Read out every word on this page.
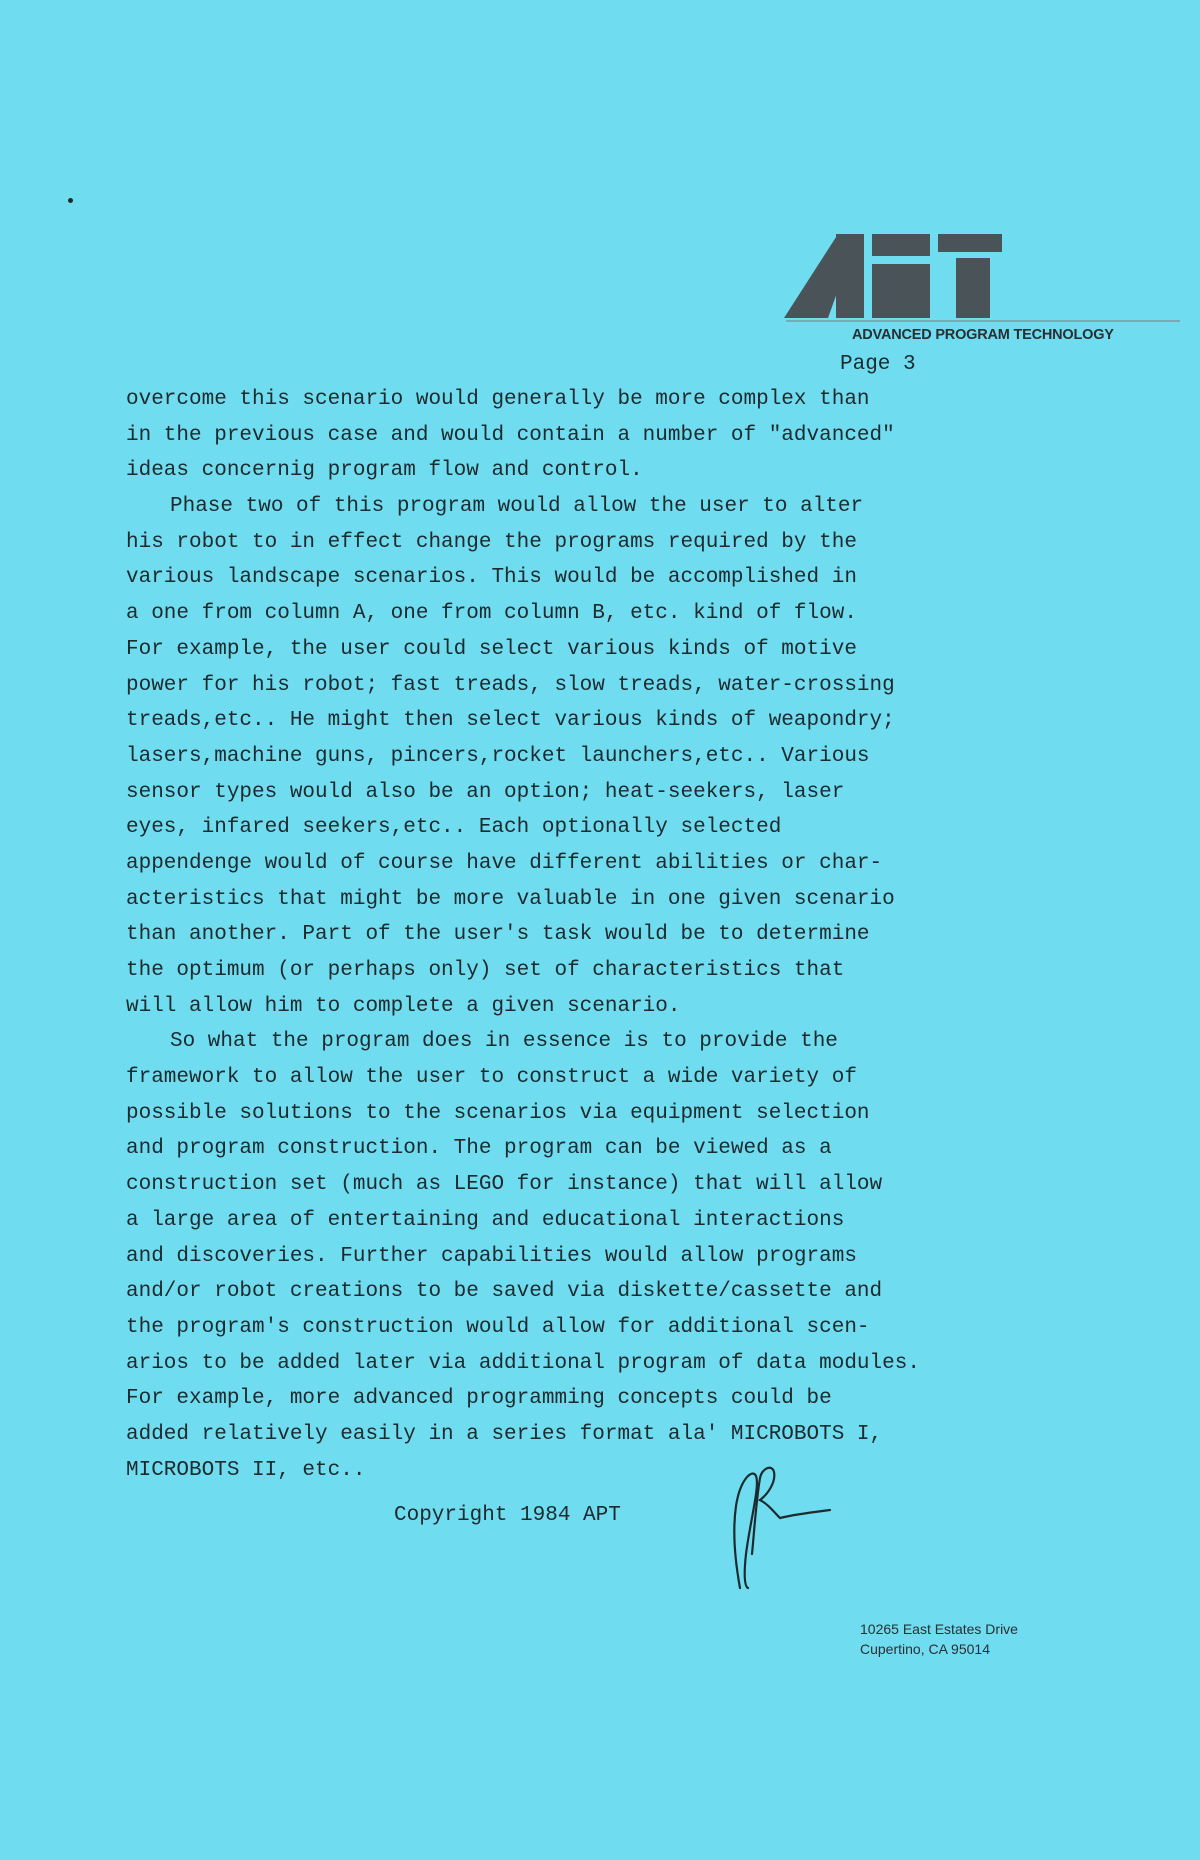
ADVANCED PROGRAM TECHNOLOGY
Page 3
overcome this scenario would generally be more complex than
in the previous case and would contain a number of "advanced"
ideas concernig program flow and control.
Phase two of this program would allow the user to alter
his robot to in effect change the programs required by the
various landscape scenarios. This would be accomplished in
a one from column A, one from column B, etc. kind of flow.
For example, the user could select various kinds of motive
power for his robot; fast treads, slow treads, water-crossing
treads,etc.. He might then select various kinds of weapondry;
lasers,machine guns, pincers,rocket launchers,etc.. Various
sensor types would also be an option; heat-seekers, laser
eyes, infared seekers,etc.. Each optionally selected
appendenge would of course have different abilities or char-
acteristics that might be more valuable in one given scenario
than another. Part of the user's task would be to determine
the optimum (or perhaps only) set of characteristics that
will allow him to complete a given scenario.
So what the program does in essence is to provide the
framework to allow the user to construct a wide variety of
possible solutions to the scenarios via equipment selection
and program construction. The program can be viewed as a
construction set (much as LEGO for instance) that will allow
a large area of entertaining and educational interactions
and discoveries. Further capabilities would allow programs
and/or robot creations to be saved via diskette/cassette and
the program's construction would allow for additional scen-
arios to be added later via additional program of data modules.
For example, more advanced programming concepts could be
added relatively easily in a series format ala' MICROBOTS I,
MICROBOTS II, etc..
Copyright 1984 APT
10265 East Estates Drive
Cupertino, CA 95014
